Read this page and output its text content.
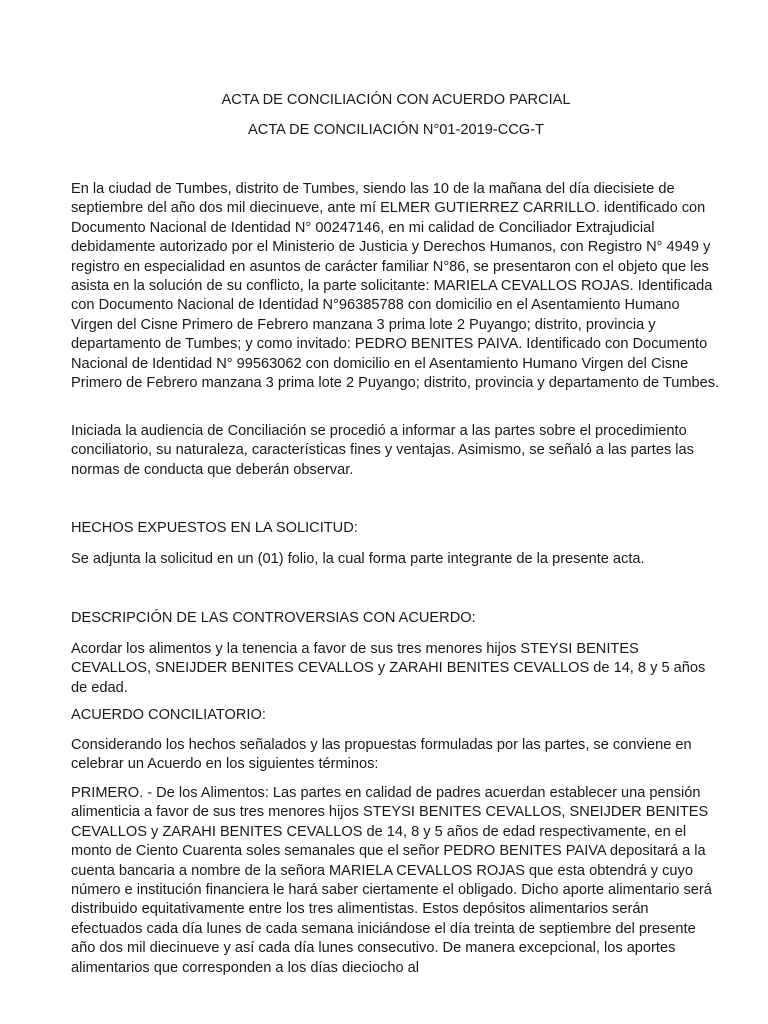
ACTA DE CONCILIACIÓN CON ACUERDO PARCIAL
ACTA DE CONCILIACIÓN N°01-2019-CCG-T

En la ciudad de Tumbes, distrito de Tumbes, siendo las 10 de la mañana del día diecisiete de septiembre del año dos mil diecinueve, ante mí ELMER GUTIERREZ CARRILLO. identificado con Documento Nacional de Identidad N° 00247146, en mi calidad de Conciliador Extrajudicial debidamente autorizado por el Ministerio de Justicia y Derechos Humanos, con Registro N° 4949 y registro en especialidad en asuntos de carácter familiar N°86, se presentaron con el objeto que les asista en la solución de su conflicto, la parte solicitante: MARIELA CEVALLOS ROJAS. Identificada con Documento Nacional de Identidad N°96385788 con domicilio en el Asentamiento Humano Virgen del Cisne Primero de Febrero manzana 3 prima lote 2 Puyango; distrito, provincia y departamento de Tumbes; y como invitado: PEDRO BENITES PAIVA. Identificado con Documento Nacional de Identidad N° 99563062 con domicilio en el Asentamiento Humano Virgen del Cisne Primero de Febrero manzana 3 prima lote 2 Puyango; distrito, provincia y departamento de Tumbes.

Iniciada la audiencia de Conciliación se procedió a informar a las partes sobre el procedimiento conciliatorio, su naturaleza, características fines y ventajas. Asimismo, se señaló a las partes las normas de conducta que deberán observar.

HECHOS EXPUESTOS EN LA SOLICITUD:

Se adjunta la solicitud en un (01) folio, la cual forma parte integrante de la presente acta.

DESCRIPCIÓN DE LAS CONTROVERSIAS CON ACUERDO:

Acordar los alimentos y la tenencia a favor de sus tres menores hijos STEYSI BENITES CEVALLOS, SNEIJDER BENITES CEVALLOS y ZARAHI BENITES CEVALLOS de 14, 8 y 5 años de edad.

ACUERDO CONCILIATORIO:

Considerando los hechos señalados y las propuestas formuladas por las partes, se conviene en celebrar un Acuerdo en los siguientes términos:

PRIMERO. - De los Alimentos: Las partes en calidad de padres acuerdan establecer una pensión alimenticia a favor de sus tres menores hijos STEYSI BENITES CEVALLOS, SNEIJDER BENITES CEVALLOS y ZARAHI BENITES CEVALLOS de 14, 8 y 5 años de edad respectivamente, en el monto de Ciento Cuarenta soles semanales que el señor PEDRO BENITES PAIVA depositará a la cuenta bancaria a nombre de la señora MARIELA CEVALLOS ROJAS que esta obtendrá y cuyo número e institución financiera le hará saber ciertamente el obligado. Dicho aporte alimentario será distribuido equitativamente entre los tres alimentistas. Estos depósitos alimentarios serán efectuados cada día lunes de cada semana iniciándose el día treinta de septiembre del presente año dos mil diecinueve y así cada día lunes consecutivo. De manera excepcional, los aportes alimentarios que corresponden a los días dieciocho al
